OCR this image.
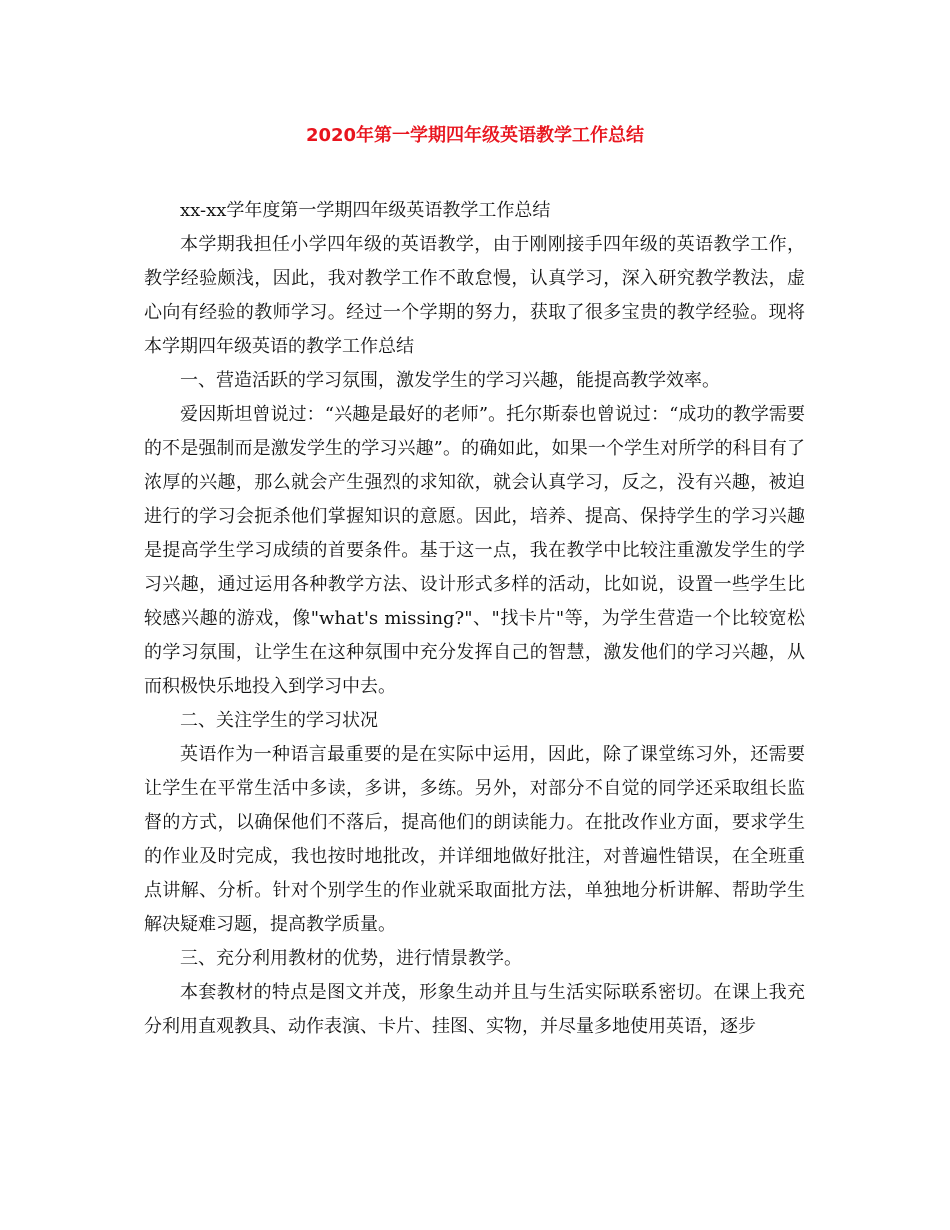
2020年第一学期四年级英语教学工作总结

xx-xx学年度第一学期四年级英语教学工作总结

本学期我担任小学四年级的英语教学，由于刚刚接手四年级的英语教学工作，教学经验颇浅，因此，我对教学工作不敢怠慢，认真学习，深入研究教学教法，虚心向有经验的教师学习。经过一个学期的努力，获取了很多宝贵的教学经验。现将本学期四年级英语的教学工作总结

一、营造活跃的学习氛围，激发学生的学习兴趣，能提高教学效率。

爱因斯坦曾说过：“兴趣是最好的老师”。托尔斯泰也曾说过：“成功的教学需要的不是强制而是激发学生的学习兴趣”。的确如此，如果一个学生对所学的科目有了浓厚的兴趣，那么就会产生强烈的求知欲，就会认真学习，反之，没有兴趣，被迫进行的学习会扼杀他们掌握知识的意愿。因此，培养、提高、保持学生的学习兴趣是提高学生学习成绩的首要条件。基于这一点，我在教学中比较注重激发学生的学习兴趣，通过运用各种教学方法、设计形式多样的活动，比如说，设置一些学生比较感兴趣的游戏，像"what's missing?"、"找卡片"等，为学生营造一个比较宽松的学习氛围，让学生在这种氛围中充分发挥自己的智慧，激发他们的学习兴趣，从而积极快乐地投入到学习中去。

二、关注学生的学习状况

英语作为一种语言最重要的是在实际中运用，因此，除了课堂练习外，还需要让学生在平常生活中多读，多讲，多练。另外，对部分不自觉的同学还采取组长监督的方式，以确保他们不落后，提高他们的朗读能力。在批改作业方面，要求学生的作业及时完成，我也按时地批改，并详细地做好批注，对普遍性错误，在全班重点讲解、分析。针对个别学生的作业就采取面批方法，单独地分析讲解、帮助学生解决疑难习题，提高教学质量。

三、充分利用教材的优势，进行情景教学。

本套教材的特点是图文并茂，形象生动并且与生活实际联系密切。在课上我充分利用直观教具、动作表演、卡片、挂图、实物，并尽量多地使用英语，逐步
